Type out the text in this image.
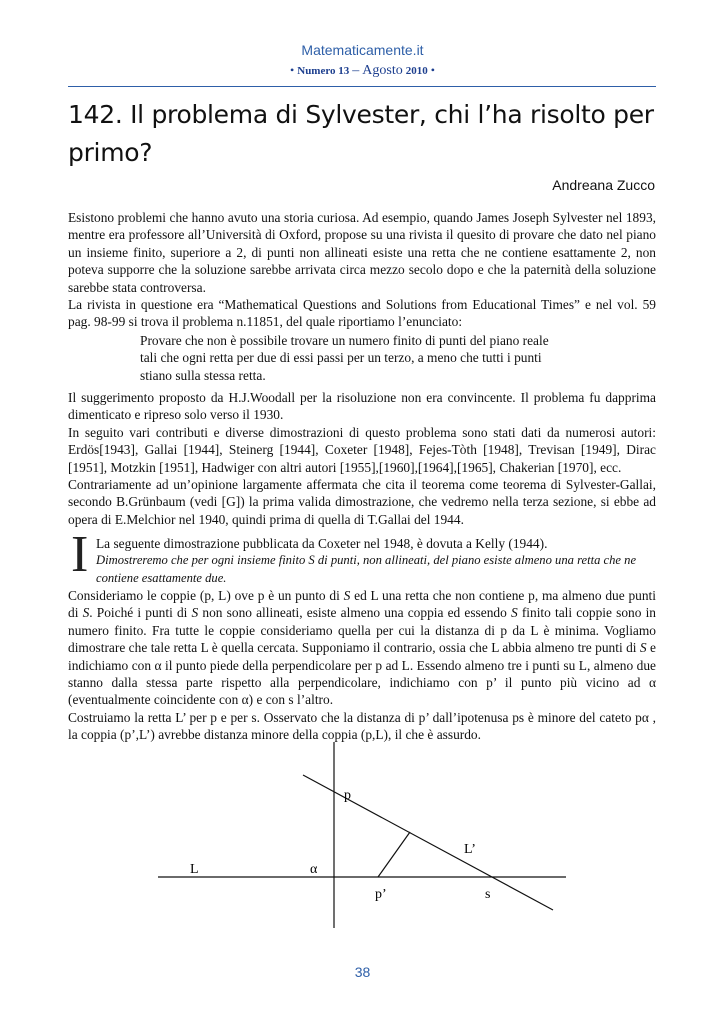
Matematicamente.it
• Numero 13 – Agosto 2010 •
142. Il problema di Sylvester, chi l’ha risolto per primo?
Andreana Zucco

Esistono problemi che hanno avuto una storia curiosa. Ad esempio, quando James Joseph Sylvester nel 1893, mentre era professore all’Università di Oxford, propose su una rivista il quesito di provare che dato nel piano un insieme finito, superiore a 2, di punti non allineati esiste una retta che ne contiene esattamente 2, non poteva supporre che la soluzione sarebbe arrivata circa mezzo secolo dopo e che la paternità della soluzione sarebbe stata controversa.

La rivista in questione era “Mathematical Questions and Solutions from Educational Times” e nel vol. 59 pag. 98-99 si trova il problema n.11851, del quale riportiamo l’enunciato:

Provare che non è possibile trovare un numero finito di punti del piano reale
tali che ogni retta per due di essi passi per un terzo, a meno che tutti i punti
stiano sulla stessa retta.

Il suggerimento proposto da H.J.Woodall per la risoluzione non era convincente. Il problema fu dapprima dimenticato e ripreso solo verso il 1930.

In seguito vari contributi e diverse dimostrazioni di questo problema sono stati dati da numerosi autori: Erdös[1943], Gallai [1944], Steinerg [1944], Coxeter [1948], Fejes-Tòth [1948], Trevisan [1949], Dirac [1951], Motzkin [1951], Hadwiger con altri autori [1955],[1960],[1964],[1965], Chakerian [1970], ecc.

Contrariamente ad un’opinione largamente affermata che cita il teorema come teorema di Sylvester-Gallai, secondo B.Grünbaum (vedi [G]) la prima valida dimostrazione, che vedremo nella terza sezione, si ebbe ad opera di E.Melchior nel 1940, quindi prima di quella di T.Gallai del 1944.

I La seguente dimostrazione pubblicata da Coxeter nel 1948, è dovuta a Kelly (1944).
Dimostreremo che per ogni insieme finito S di punti, non allineati, del piano esiste almeno una retta che ne contiene esattamente due.

Consideriamo le coppie (p, L) ove p è un punto di S ed L una retta che non contiene p, ma almeno due punti di S. Poiché i punti di S non sono allineati, esiste almeno una coppia ed essendo S finito tali coppie sono in numero finito. Fra tutte le coppie consideriamo quella per cui la distanza di p da L è minima. Vogliamo dimostrare che tale retta L è quella cercata. Supponiamo il contrario, ossia che L abbia almeno tre punti di S e indichiamo con α il punto piede della perpendicolare per p ad L. Essendo almeno tre i punti su L, almeno due stanno dalla stessa parte rispetto alla perpendicolare, indichiamo con p’ il punto più vicino ad α (eventualmente coincidente con α) e con s l’altro.

Costruiamo la retta L’ per p e per s. Osservato che la distanza di p’ dall’ipotenusa ps è minore del cateto pα , la coppia (p’,L’) avrebbe distanza minore della coppia (p,L), il che è assurdo.

p
L	α
L’
p’	s
38
